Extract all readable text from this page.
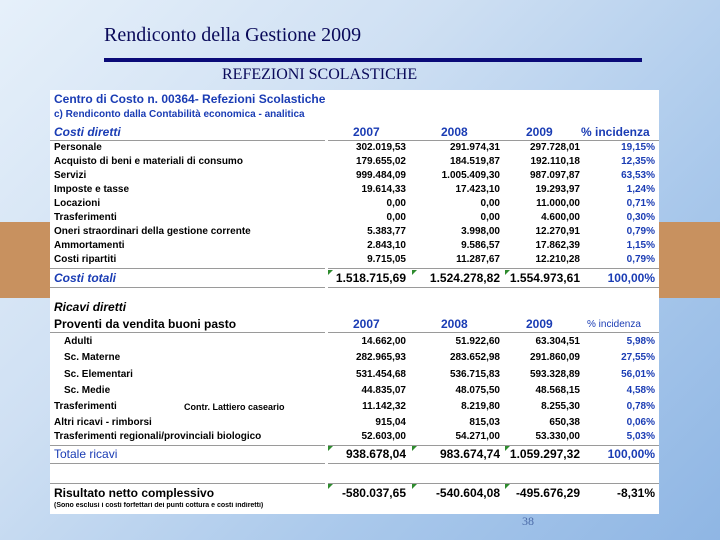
Rendiconto della Gestione 2009
REFEZIONI SCOLASTICHE
Centro di Costo n. 00364- Refezioni Scolastiche
c) Rendiconto dalla Contabilità economica - analitica
Costi diretti	2007	2008	2009 % incidenza
Personale	302.019,53	291.974,31	297.728,01	19,15%
Acquisto di beni e materiali di consumo	179.655,02	184.519,87	192.110,18	12,35%
Servizi	999.484,09	1.005.409,30	987.097,87	63,53%
Imposte e tasse	19.614,33	17.423,10	19.293,97	1,24%
Locazioni	0,00	0,00	11.000,00	0,71%
Trasferimenti	0,00	0,00	4.600,00	0,30%
Oneri straordinari della gestione corrente	5.383,77	3.998,00	12.270,91	0,79%
Ammortamenti	2.843,10	9.586,57	17.862,39	1,15%
Costi ripartiti	9.715,05	11.287,67	12.210,28	0,79%
Costi totali	1.518.715,69	1.524.278,82 1.554.973,61	100,00%
Ricavi diretti
Proventi da vendita buoni pasto	2007	2008	2009	% incidenza
Adulti	14.662,00	51.922,60	63.304,51	5,98%
Sc. Materne	282.965,93	283.652,98	291.860,09	27,55%
Sc. Elementari	531.454,68	536.715,83	593.328,89	56,01%
Sc. Medie	44.835,07	48.075,50	48.568,15	4,58%
Trasferimenti	Contr. Lattiero caseario	11.142,32	8.219,80	8.255,30	0,78%
Altri ricavi - rimborsi	915,04	815,03	650,38	0,06%
Trasferimenti regionali/provinciali biologico	52.603,00	54.271,00	53.330,00	5,03%
Totale ricavi	938.678,04	983.674,74 1.059.297,32	100,00%
Risultato netto complessivo	-580.037,65	-540.604,08	-495.676,29	-8,31%
(Sono esclusi i costi forfettari dei punti cottura e costi indiretti)
38
